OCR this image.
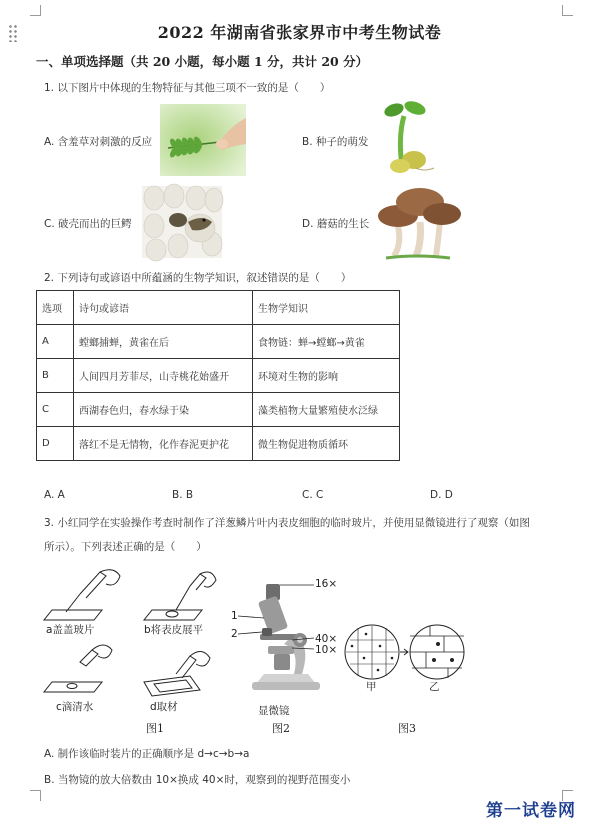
2022 年湖南省张家界市中考生物试卷
一、单项选择题（共 20 小题，每小题 1 分，共计 20 分）
1. 以下图片中体现的生物特征与其他三项不一致的是（　　）
A. 含羞草对刺激的反应	B. 种子的萌发
C. 破壳而出的巨鳄	D. 蘑菇的生长
2. 下列诗句或谚语中所蕴涵的生物学知识，叙述错误的是（　　）
选项	诗句或谚语	生物学知识
A	螳螂捕蝉，黄雀在后	食物链：蝉→螳螂→黄雀
B	人间四月芳菲尽，山寺桃花始盛开	环境对生物的影响
C	西湖春色归，春水绿于染	藻类植物大量繁殖使水泛绿
D	落红不是无情物，化作春泥更护花	微生物促进物质循环
A. A	B. B	C. C	D. D
3. 小红同学在实验操作考查时制作了洋葱鳞片叶内表皮细胞的临时玻片，并使用显微镜进行了观察（如图
所示）。下列表述正确的是（　　）
a盖盖玻片	b将表皮展平
c滴清水	d取材
图1
16×
1
2	40×
10×
显微镜
图2
甲	乙
图3
A. 制作该临时装片的正确顺序是 d→c→b→a
B. 当物镜的放大倍数由 10×换成 40×时，观察到的视野范围变小
第一试卷网
